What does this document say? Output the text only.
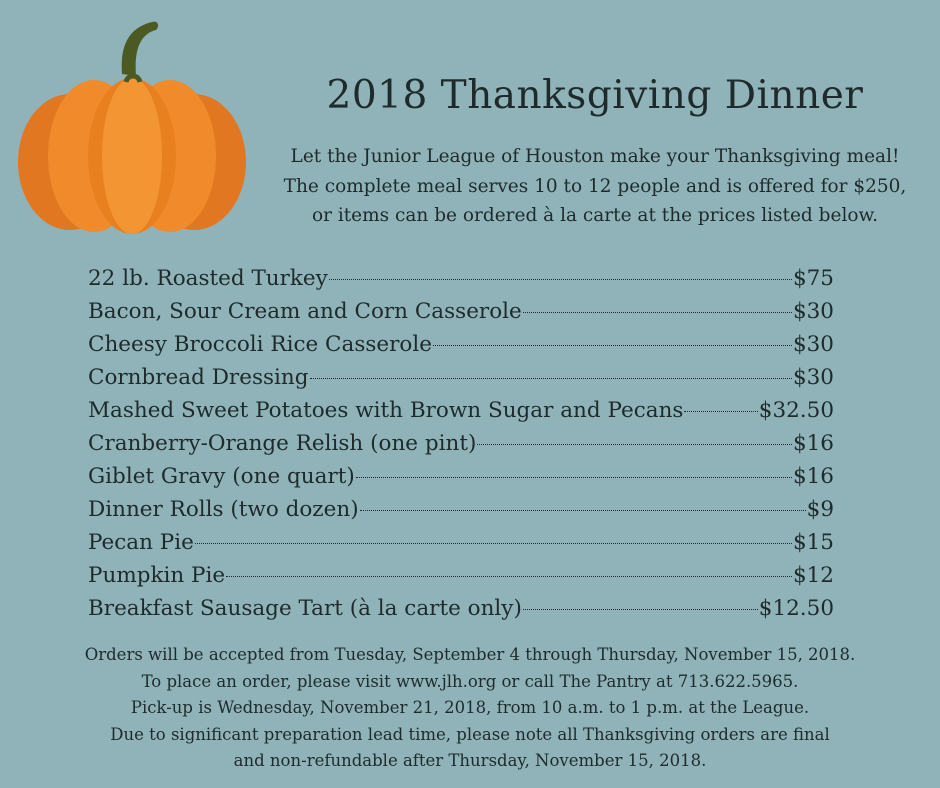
2018 Thanksgiving Dinner
Let the Junior League of Houston make your Thanksgiving meal!
The complete meal serves 10 to 12 people and is offered for $250,
or items can be ordered à la carte at the prices listed below.
22 lb. Roasted Turkey	$75
Bacon, Sour Cream and Corn Casserole	$30
Cheesy Broccoli Rice Casserole	$30
Cornbread Dressing	$30
Mashed Sweet Potatoes with Brown Sugar and Pecans	$32.50
Cranberry-Orange Relish (one pint)	$16
Giblet Gravy (one quart)	$16
Dinner Rolls (two dozen)	$9
Pecan Pie	$15
Pumpkin Pie	$12
Breakfast Sausage Tart (à la carte only)	$12.50

Orders will be accepted from Tuesday, September 4 through Thursday, November 15, 2018.

To place an order, please visit www.jlh.org or call The Pantry at 713.622.5965.

Pick-up is Wednesday, November 21, 2018, from 10 a.m. to 1 p.m. at the League.

Due to significant preparation lead time, please note all Thanksgiving orders are final

and non-refundable after Thursday, November 15, 2018.
